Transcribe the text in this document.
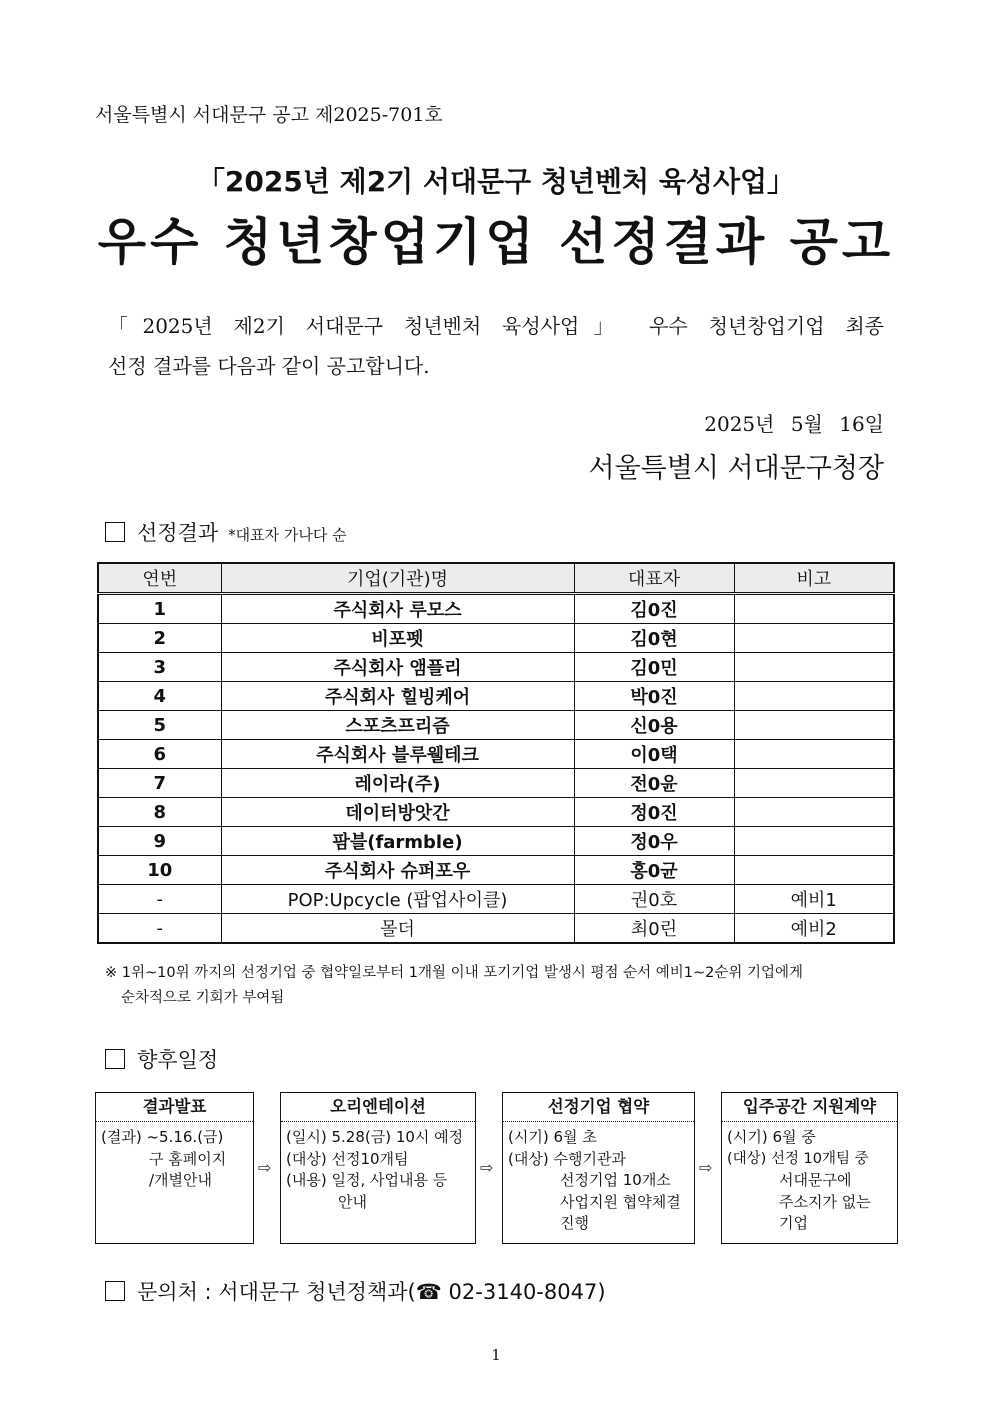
서울특별시 서대문구 공고 제2025-701호
「2025년 제2기 서대문구 청년벤처 육성사업」
우수 청년창업기업 선정결과 공고
「2025년 제2기 서대문구 청년벤처 육성사업」 우수 청년창업기업 최종
선정 결과를 다음과 같이 공고합니다.
2025년 5월 16일
서울특별시 서대문구청장
선정결과 *대표자 가나다 순
연번	기업(기관)명	대표자	비고
1	주식회사 루모스	김0진	
2	비포펫	김0현	
3	주식회사 앰플리	김0민	
4	주식회사 힐빙케어	박0진	
5	스포츠프리즘	신0용	
6	주식회사 블루웰테크	이0택	
7	레이라(주)	전0윤	
8	데이터방앗간	정0진	
9	팜블(farmble)	정0우	
10	주식회사 슈퍼포우	홍0균	
-	POP:Upcycle (팝업사이클)	권0호	예비1
-	몰더	최0린	예비2
※ 1위~10위 까지의 선정기업 중 협약일로부터 1개월 이내 포기기업 발생시 평점 순서 예비1~2순위 기업에게
순차적으로 기회가 부여됨
향후일정
결과발표
(결과) ~5.16.(금)
구 홈페이지
/개별안내
⇨
오리엔테이션
(일시) 5.28(금) 10시 예정
(대상) 선정10개팀
(내용) 일정, 사업내용 등
안내
⇨
선정기업 협약
(시기) 6월 초
(대상) 수행기관과
선정기업 10개소
사업지원 협약체결
진행
⇨
입주공간 지원계약
(시기) 6월 중
(대상) 선정 10개팀 중
서대문구에
주소지가 없는
기업
문의처 : 서대문구 청년정책과(☎ 02-3140-8047)
1
